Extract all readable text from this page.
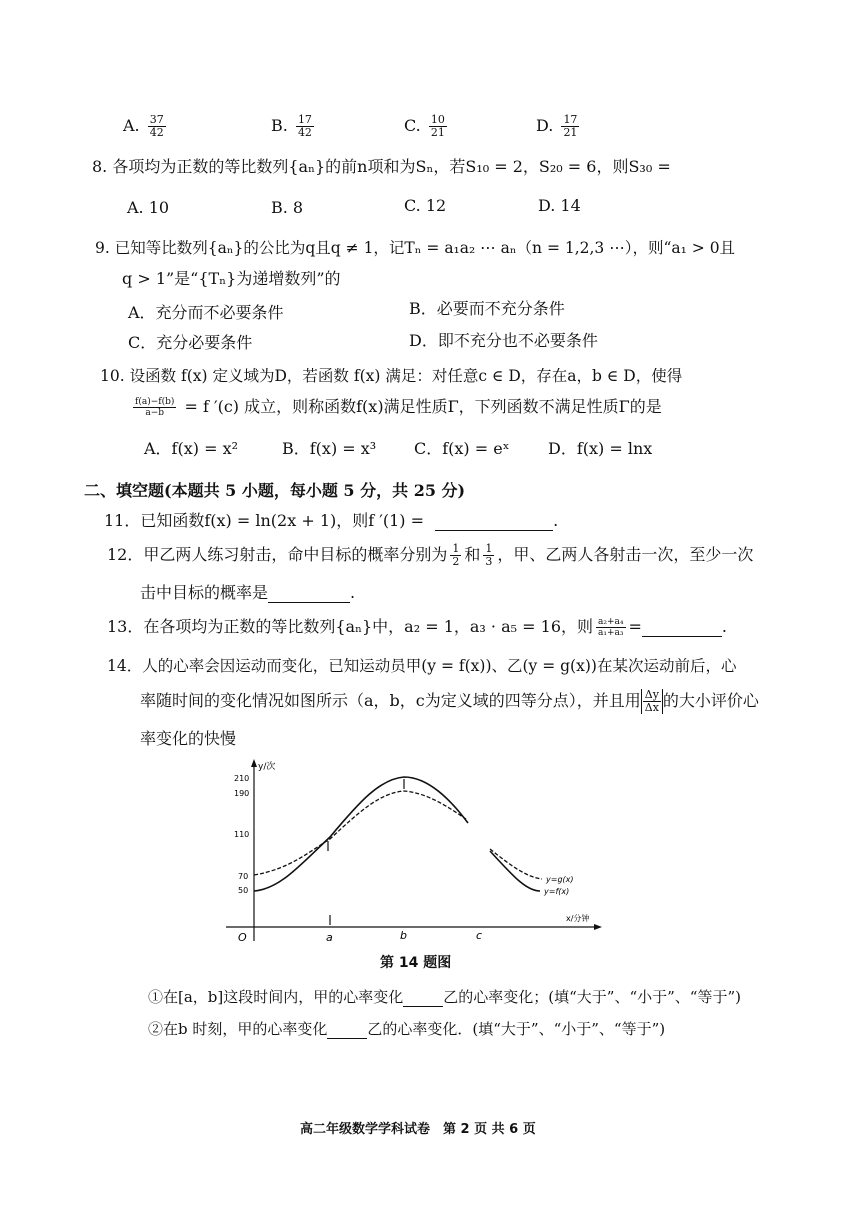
A. $\frac{37}{42}$	B. $\frac{17}{42}$	C. $\frac{10}{21}$	D. $\frac{17}{21}$
8. 各项均为正数的等比数列{aₙ}的前n项和为Sₙ，若S₁₀ = 2，S₂₀ = 6，则S₃₀ =
A. 10	B. 8	C. 12	D. 14
9. 已知等比数列{aₙ}的公比为q且q ≠ 1，记Tₙ = a₁a₂ ⋯ aₙ（n = 1,2,3 ⋯），则“a₁ > 0且
q > 1”是“{Tₙ}为递增数列”的
A．充分而不必要条件	B．必要而不充分条件
C．充分必要条件	D．即不充分也不必要条件
10. 设函数 f(x) 定义域为D，若函数 f(x) 满足：对任意c ∈ D，存在a，b ∈ D，使得
$\frac{f(a)-f(b)}{a-b} = f$ ′(c) 成立，则称函数f(x)满足性质Γ，下列函数不满足性质Γ的是
A．f(x) = x²	B．f(x) = x³ C．f(x) = eˣ D．f(x) = lnx
二、填空题(本题共 5 小题，每小题 5 分，共 25 分)
11．已知函数f(x) = ln(2x + 1)，则f ′(1) =	.
12．甲乙两人练习射击，命中目标的概率分别为 $\frac{1}{2}$ 和 $\frac{1}{3}$ ，甲、乙两人各射击一次，至少一次
击中目标的概率是	.
13．在各项均为正数的等比数列{aₙ}中，a₂ = 1，a₃ · a₅ = 16，则 $\frac{\text{a₂+a₄}}{\text{a₁+a₃}}$ =	.
14．人的心率会因运动而变化，已知运动员甲(y = f(x))、乙(y = g(x))在某次运动前后，心
率随时间的变化情况如图所示（a，b，c为定义域的四等分点），并且用 $\frac{\Delta y}{\Delta x}$ 的大小评价心
率变化的快慢
y/次
x/分钟
210
190
110
70
50
O	a	b	c
y=g(x)
y=f(x)
第 14 题图
①在[a，b]这段时间内，甲的心率变化	乙的心率变化；(填“大于”、“小于”、“等于”)
②在b 时刻，甲的心率变化	乙的心率变化．(填“大于”、“小于”、“等于”)
高二年级数学学科试卷　第 2 页 共 6 页
